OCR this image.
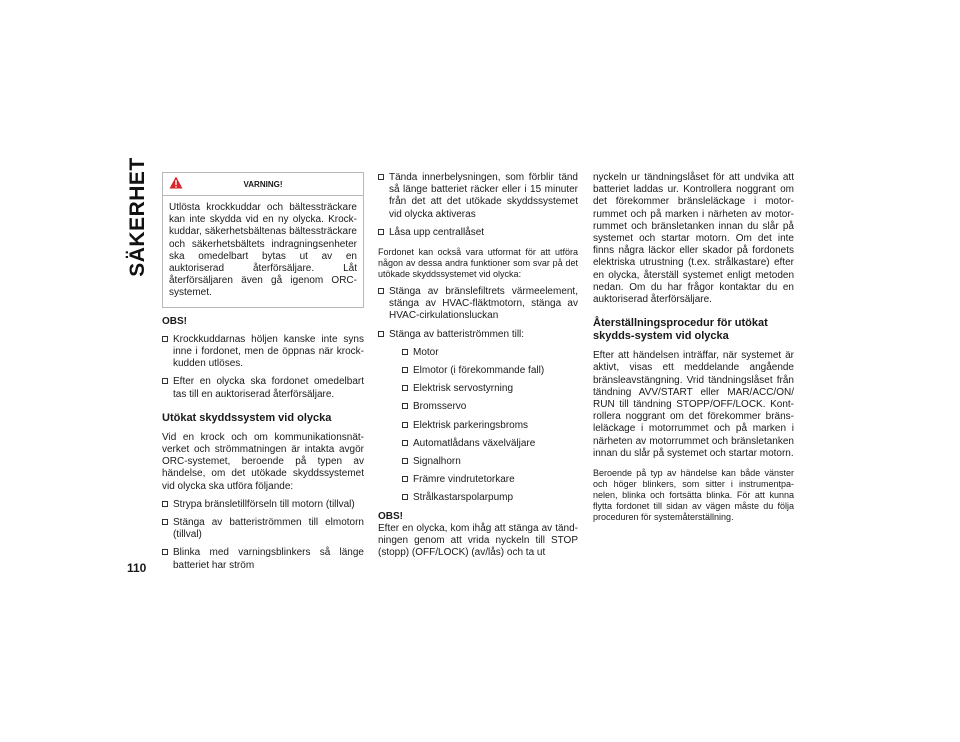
SÄKERHET	VARNING!

Utlösta krockkuddar och bältessträckare kan inte skydda vid en ny olycka. Krock-kuddar, säkerhetsbältenas bältessträckare och säkerhetsbältets indragningsenheter ska omedelbart bytas ut av en auktoriserad återförsäljare. Låt återförsäljaren även gå igenom ORC-systemet.

OBS!

Krockkuddarnas höljen kanske inte syns inne i fordonet, men de öppnas när krock-kudden utlöses.
Efter en olycka ska fordonet omedelbart tas till en auktoriserad återförsäljare.

Utökat skyddssystem vid olycka

Vid en krock och om kommunikationsnät-verket och strömmatningen är intakta avgör ORC-systemet, beroende på typen av händelse, om det utökade skyddssystemet vid olycka ska utföra följande:

Strypa bränsletillförseln till motorn (tillval)
Stänga av batteriströmmen till elmotorn (tillval)
Blinka med varningsblinkers så länge batteriet har ström
Tända innerbelysningen, som förblir tänd så länge batteriet räcker eller i 15 minuter från det att det utökade skyddssystemet vid olycka aktiveras
Låsa upp centrallåset

Fordonet kan också vara utformat för att utföra någon av dessa andra funktioner som svar på det utökade skyddssystemet vid olycka:

Stänga av bränslefiltrets värmeelement, stänga av HVAC-fläktmotorn, stänga av HVAC-cirkulationsluckan
Stänga av batteriströmmen till:
Motor
Elmotor (i förekommande fall)
Elektrisk servostyrning
Bromsservo
Elektrisk parkeringsbroms
Automatlådans växelväljare
Signalhorn
Främre vindrutetorkare
Strålkastarspolarpump

OBS!

Efter en olycka, kom ihåg att stänga av tänd-ningen genom att vrida nyckeln till STOP (stopp) (OFF/LOCK) (av/lås) och ta ut

nyckeln ur tändningslåset för att undvika att batteriet laddas ur. Kontrollera noggrant om det förekommer bränsleläckage i motor-rummet och på marken i närheten av motor-rummet och bränsletanken innan du slår på systemet och startar motorn. Om det inte finns några läckor eller skador på fordonets elektriska utrustning (t.ex. strålkastare) efter en olycka, återställ systemet enligt metoden nedan. Om du har frågor kontaktar du en auktoriserad återförsäljare.

Återställningsprocedur för utökat skydds-system vid olycka

Efter att händelsen inträffar, när systemet är aktivt, visas ett meddelande angående bränsleavstängning. Vrid tändningslåset från tändning AVV/START eller MAR/ACC/ON/ RUN till tändning STOPP/OFF/LOCK. Kont-rollera noggrant om det förekommer bräns-leläckage i motorrummet och på marken i närheten av motorrummet och bränsletanken innan du slår på systemet och startar motorn.

Beroende på typ av händelse kan både vänster och höger blinkers, som sitter i instrumentpa-nelen, blinka och fortsätta blinka. För att kunna flytta fordonet till sidan av vägen måste du följa proceduren för systemåterställning.

110
